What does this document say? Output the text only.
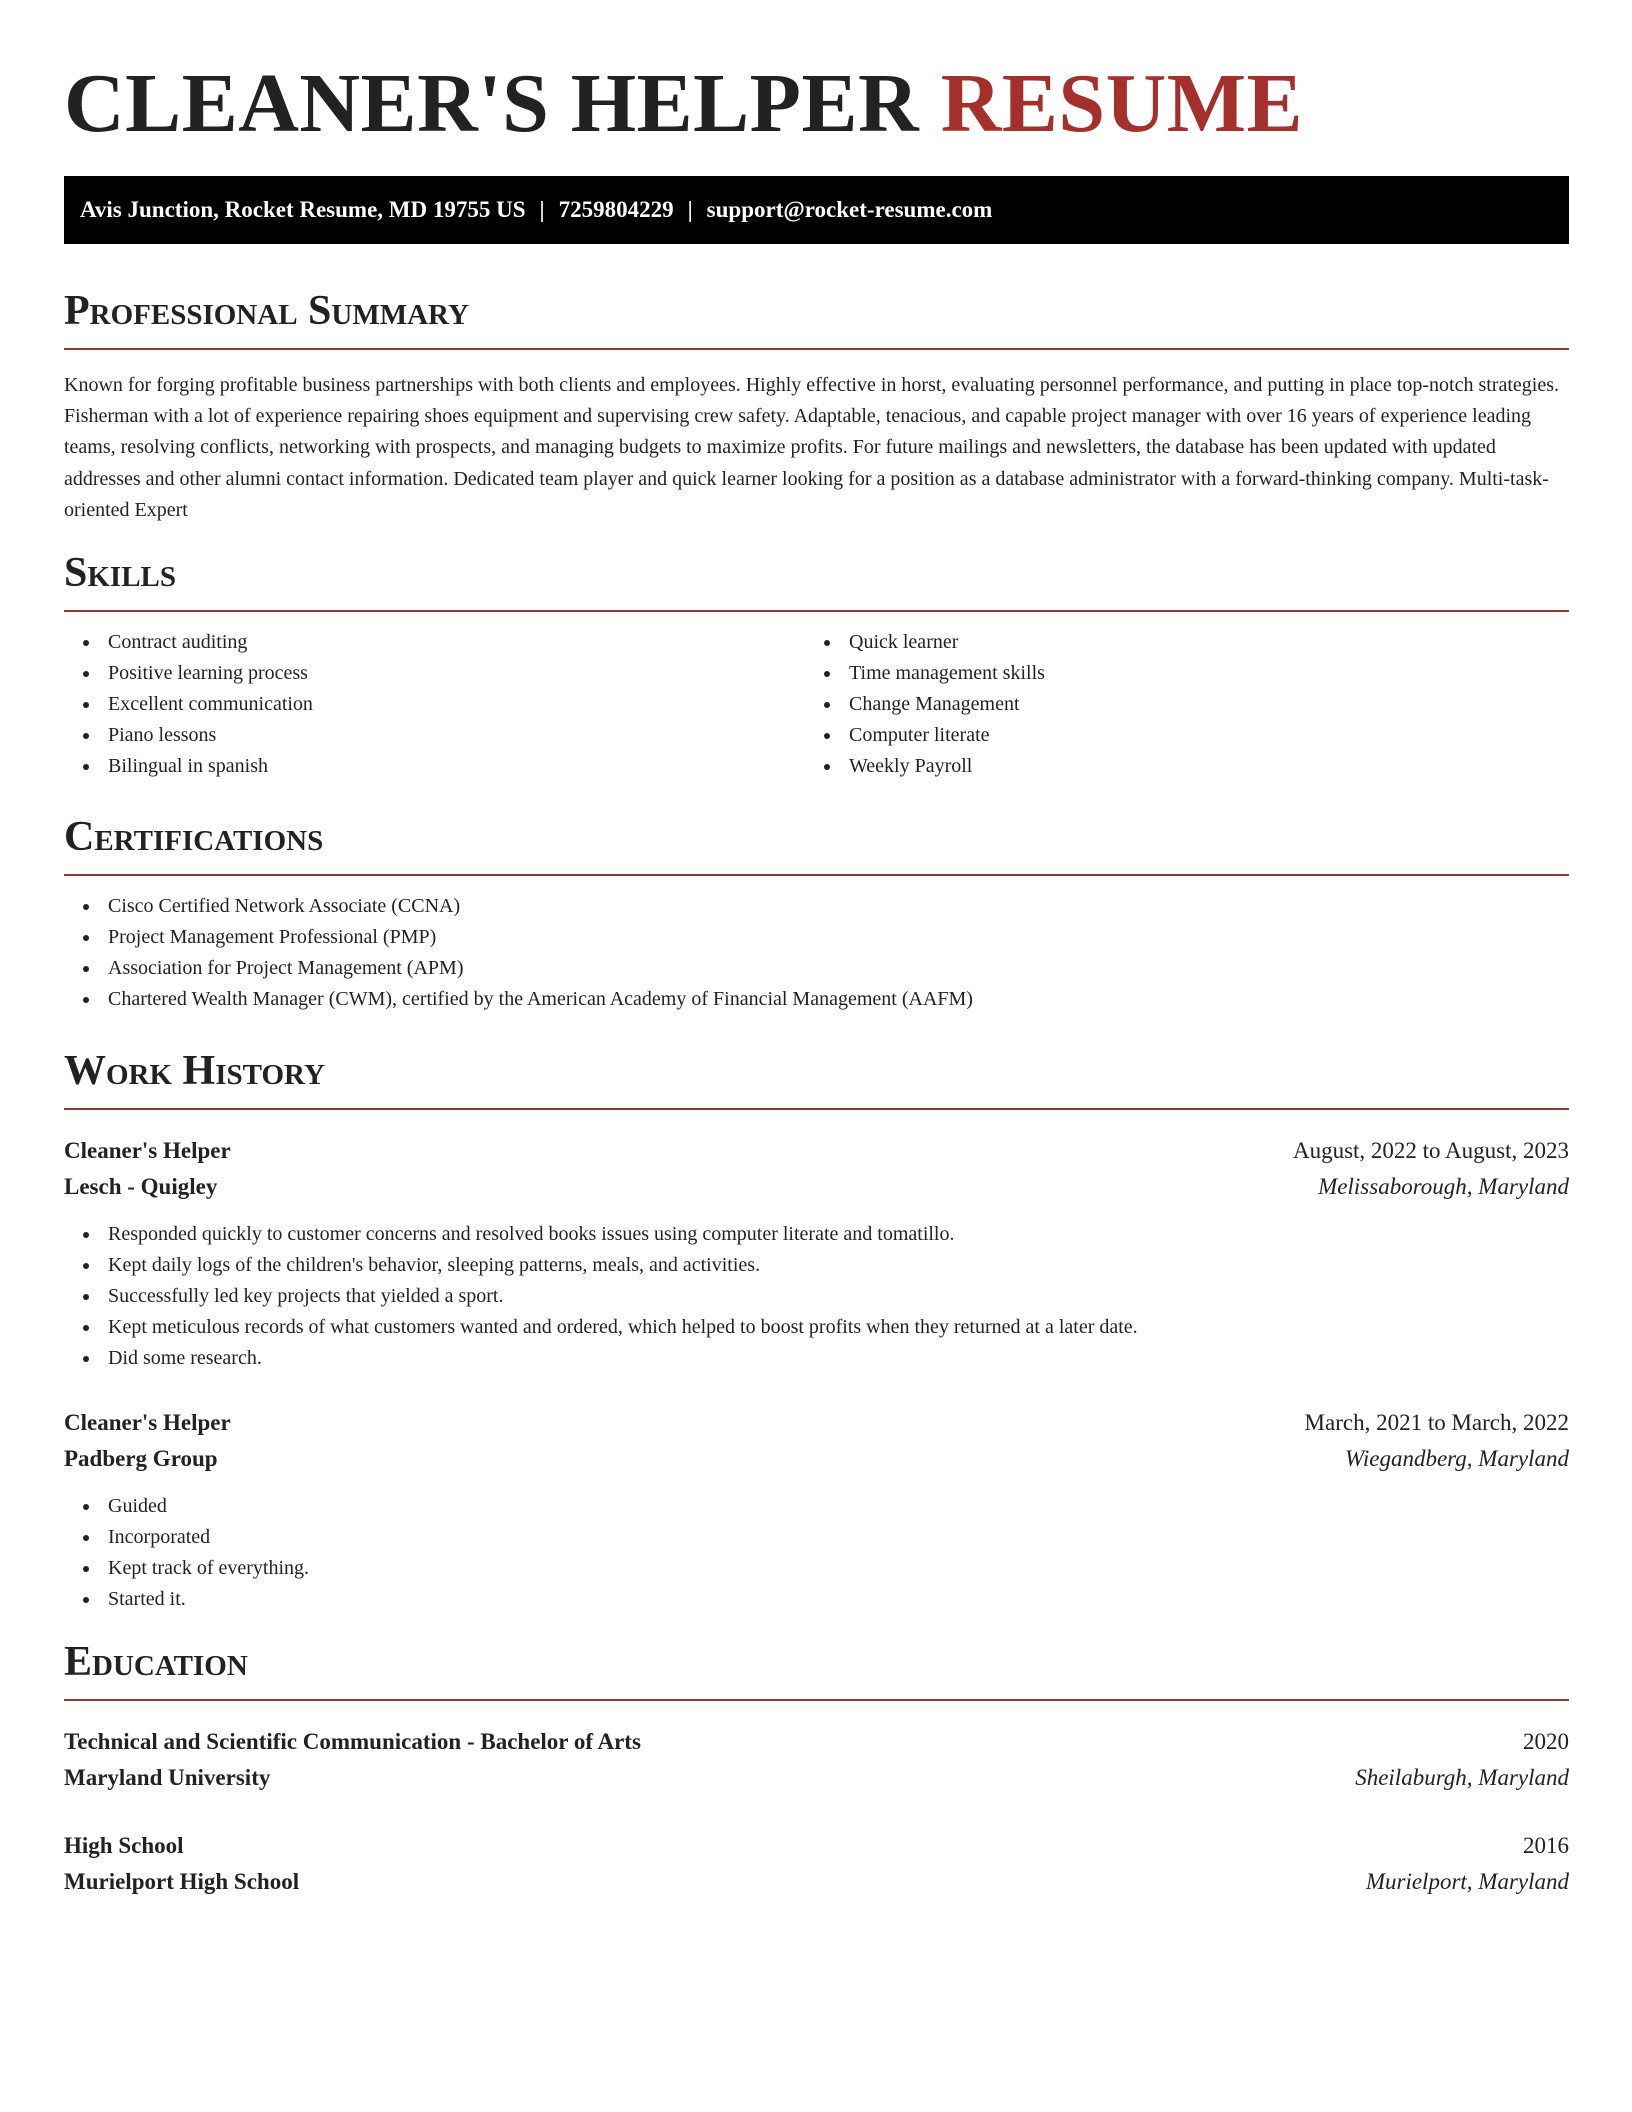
CLEANER'S HELPER RESUME
Avis Junction, Rocket Resume, MD 19755 US | 7259804229 | support@rocket-resume.com
Professional Summary

Known for forging profitable business partnerships with both clients and employees. Highly effective in horst, evaluating personnel performance, and putting in place top-notch strategies. Fisherman with a lot of experience repairing shoes equipment and supervising crew safety. Adaptable, tenacious, and capable project manager with over 16 years of experience leading teams, resolving conflicts, networking with prospects, and managing budgets to maximize profits. For future mailings and newsletters, the database has been updated with updated addresses and other alumni contact information. Dedicated team player and quick learner looking for a position as a database administrator with a forward-thinking company. Multi-task-oriented Expert

Skills
Contract auditing
Positive learning process
Excellent communication
Piano lessons
Bilingual in spanish
Quick learner
Time management skills
Change Management
Computer literate
Weekly Payroll
Certifications
Cisco Certified Network Associate (CCNA)
Project Management Professional (PMP)
Association for Project Management (APM)
Chartered Wealth Manager (CWM), certified by the American Academy of Financial Management (AAFM)
Work History
Cleaner's Helper	August, 2022 to August, 2023
Lesch - Quigley	Melissaborough, Maryland
Responded quickly to customer concerns and resolved books issues using computer literate and tomatillo.
Kept daily logs of the children's behavior, sleeping patterns, meals, and activities.
Successfully led key projects that yielded a sport.
Kept meticulous records of what customers wanted and ordered, which helped to boost profits when they returned at a later date.
Did some research.
Cleaner's Helper	March, 2021 to March, 2022
Padberg Group	Wiegandberg, Maryland
Guided
Incorporated
Kept track of everything.
Started it.
Education
Technical and Scientific Communication - Bachelor of Arts	2020
Maryland University	Sheilaburgh, Maryland
High School	2016
Murielport High School	Murielport, Maryland
